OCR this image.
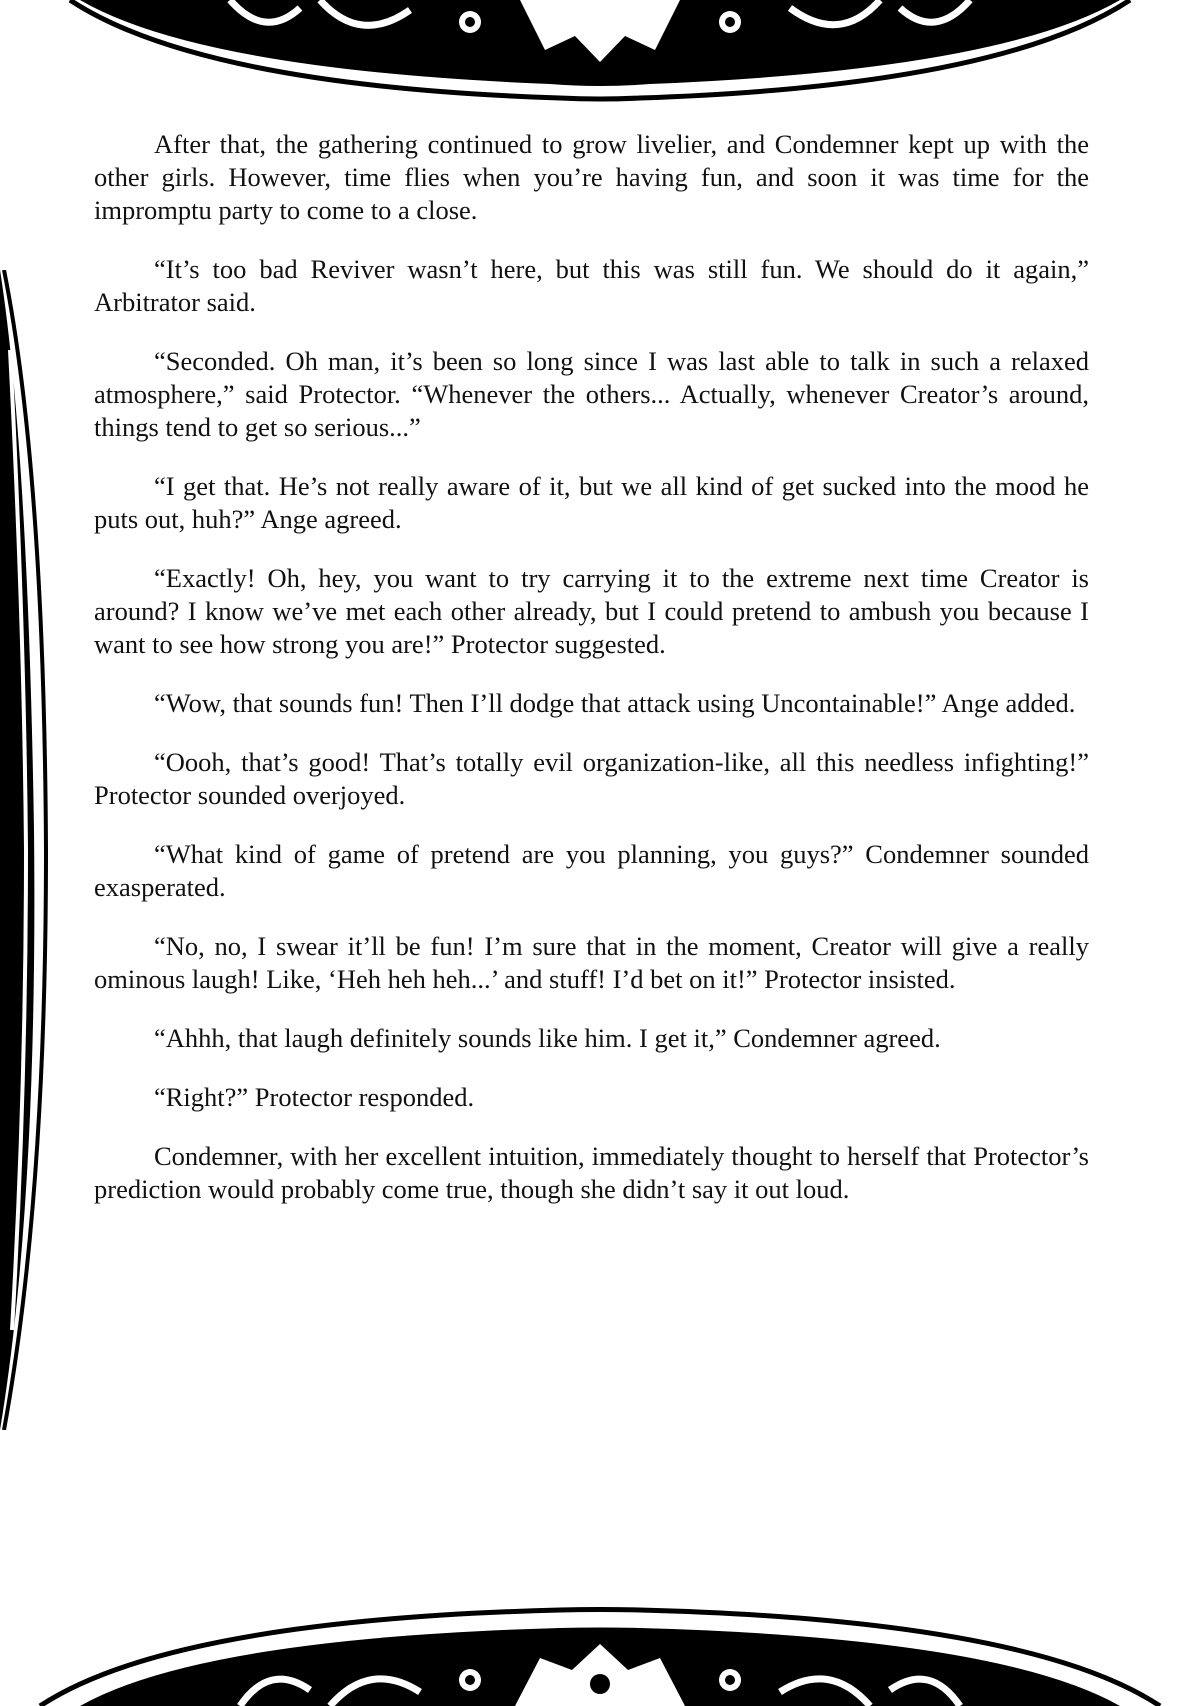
After that, the gathering continued to grow livelier, and Condemner kept up with the other girls. However, time flies when you’re having fun, and soon it was time for the impromptu party to come to a close.

“It’s too bad Reviver wasn’t here, but this was still fun. We should do it again,” Arbitrator said.

“Seconded. Oh man, it’s been so long since I was last able to talk in such a relaxed atmosphere,” said Protector. “Whenever the others... Actually, whenever Creator’s around, things tend to get so serious...”

“I get that. He’s not really aware of it, but we all kind of get sucked into the mood he puts out, huh?” Ange agreed.

“Exactly! Oh, hey, you want to try carrying it to the extreme next time Creator is around? I know we’ve met each other already, but I could pretend to ambush you because I want to see how strong you are!” Protector suggested.

“Wow, that sounds fun! Then I’ll dodge that attack using Uncontainable!” Ange added.

“Oooh, that’s good! That’s totally evil organization-like, all this needless infighting!” Protector sounded overjoyed.

“What kind of game of pretend are you planning, you guys?” Condemner sounded exasperated.

“No, no, I swear it’ll be fun! I’m sure that in the moment, Creator will give a really ominous laugh! Like, ‘Heh heh heh...’ and stuff! I’d bet on it!” Protector insisted.

“Ahhh, that laugh definitely sounds like him. I get it,” Condemner agreed.

“Right?” Protector responded.

Condemner, with her excellent intuition, immediately thought to herself that Protector’s prediction would probably come true, though she didn’t say it out loud.
